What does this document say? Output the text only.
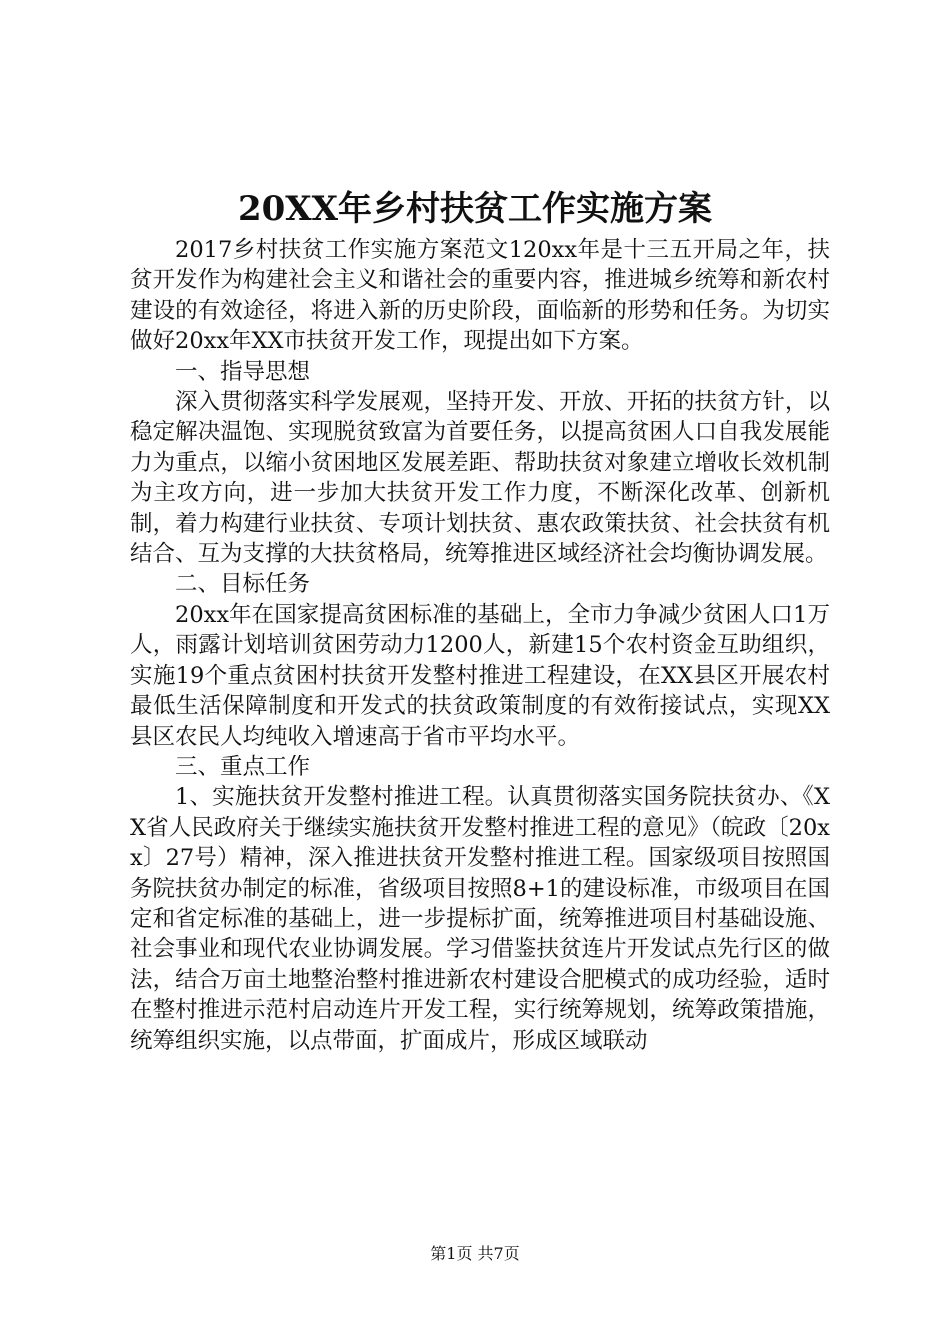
20XX年乡村扶贫工作实施方案

2017乡村扶贫工作实施方案范文120xx年是十三五开局之年，扶贫开发作为构建社会主义和谐社会的重要内容，推进城乡统筹和新农村建设的有效途径，将进入新的历史阶段，面临新的形势和任务。为切实做好20xx年XX市扶贫开发工作，现提出如下方案。

一、指导思想

深入贯彻落实科学发展观，坚持开发、开放、开拓的扶贫方针，以稳定解决温饱、实现脱贫致富为首要任务，以提高贫困人口自我发展能力为重点，以缩小贫困地区发展差距、帮助扶贫对象建立增收长效机制为主攻方向，进一步加大扶贫开发工作力度，不断深化改革、创新机制，着力构建行业扶贫、专项计划扶贫、惠农政策扶贫、社会扶贫有机结合、互为支撑的大扶贫格局，统筹推进区域经济社会均衡协调发展。

二、目标任务

20xx年在国家提高贫困标准的基础上，全市力争减少贫困人口1万人，雨露计划培训贫困劳动力1200人，新建15个农村资金互助组织，实施19个重点贫困村扶贫开发整村推进工程建设，在XX县区开展农村最低生活保障制度和开发式的扶贫政策制度的有效衔接试点，实现XX县区农民人均纯收入增速高于省市平均水平。

三、重点工作

1、实施扶贫开发整村推进工程。认真贯彻落实国务院扶贫办、《XX省人民政府关于继续实施扶贫开发整村推进工程的意见》（皖政〔20xx〕27号）精神，深入推进扶贫开发整村推进工程。国家级项目按照国务院扶贫办制定的标准，省级项目按照8+1的建设标准，市级项目在国定和省定标准的基础上，进一步提标扩面，统筹推进项目村基础设施、社会事业和现代农业协调发展。学习借鉴扶贫连片开发试点先行区的做法，结合万亩土地整治整村推进新农村建设合肥模式的成功经验，适时在整村推进示范村启动连片开发工程，实行统筹规划，统筹政策措施，统筹组织实施，以点带面，扩面成片，形成区域联动

第1页 共7页
